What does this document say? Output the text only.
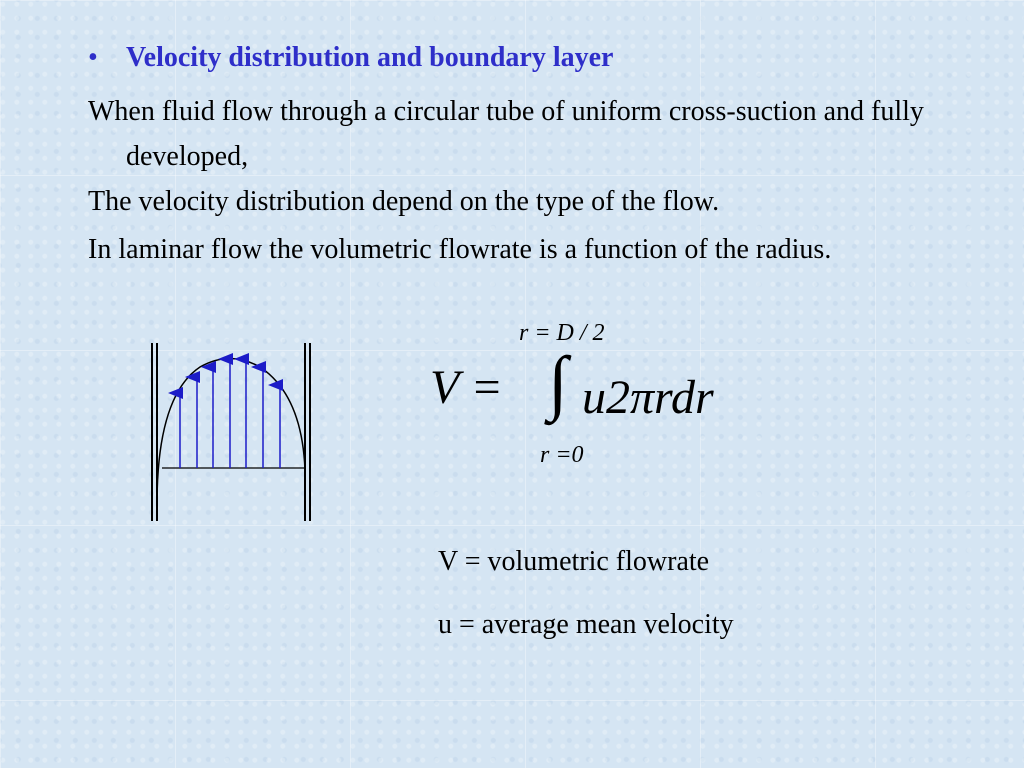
• Velocity distribution and boundary layer
When fluid flow through a circular tube of uniform cross-suction and fully developed,
The velocity distribution depend on the type of the flow.
In laminar flow the volumetric flowrate is a function of the radius.
r = D / 2
V = ∫ u2πrdr
r =0
V = volumetric flowrate
u = average mean velocity
